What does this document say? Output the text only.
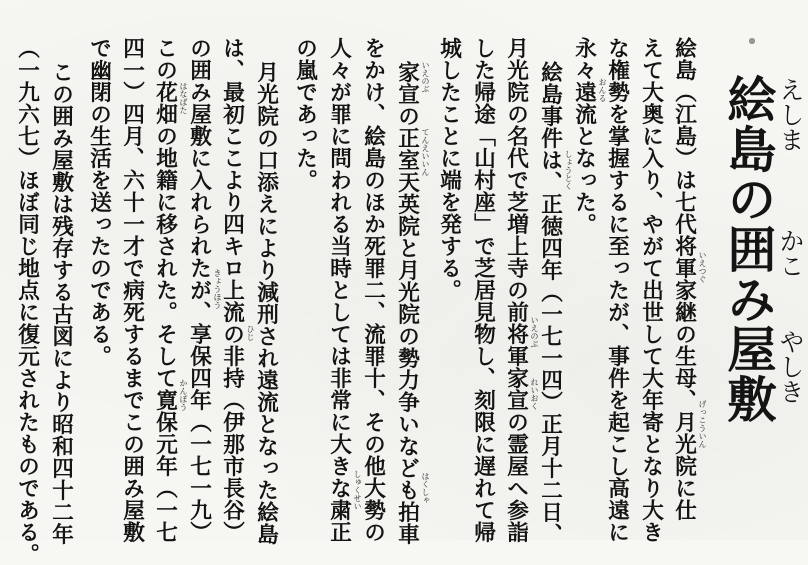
絵島の囲み屋敷
えしま
かこ
やしき
絵島（江島）は七代将軍家継の生母、月光院に仕
えて大奥に入り、やがて出世して大年寄となり大き
な権勢を掌握するに至ったが、事件を起こし高遠に
永々遠流となった。
絵島事件は、正徳四年（一七一四）正月十二日、
月光院の名代で芝増上寺の前将軍家宣の霊屋へ参詣
した帰途「山村座」で芝居見物し、刻限に遅れて帰
城したことに端を発する。
家宣の正室天英院と月光院の勢力争いなども拍車
をかけ、絵島のほか死罪二、流罪十、その他大勢の
人々が罪に問われる当時としては非常に大きな粛正
の嵐であった。
月光院の口添えにより減刑され遠流となった絵島
は、最初ここより四キロ上流の非持（伊那市長谷）
の囲み屋敷に入れられたが、享保四年（一七一九）
この花畑の地籍に移された。そして寛保元年（一七
四一）四月、六十一才で病死するまでこの囲み屋敷
で幽閉の生活を送ったのである。
この囲み屋敷は残存する古図により昭和四十二年
（一九六七）ほぼ同じ地点に復元されたものである。	いえつぐ
げっこういん
おんる
しょうとく
いえのぶ
れいおく
いえのぶ
てんえいいん
はくしゃ
しゅくせい
ひじ
きょうほう
はなばた
かんぽう
